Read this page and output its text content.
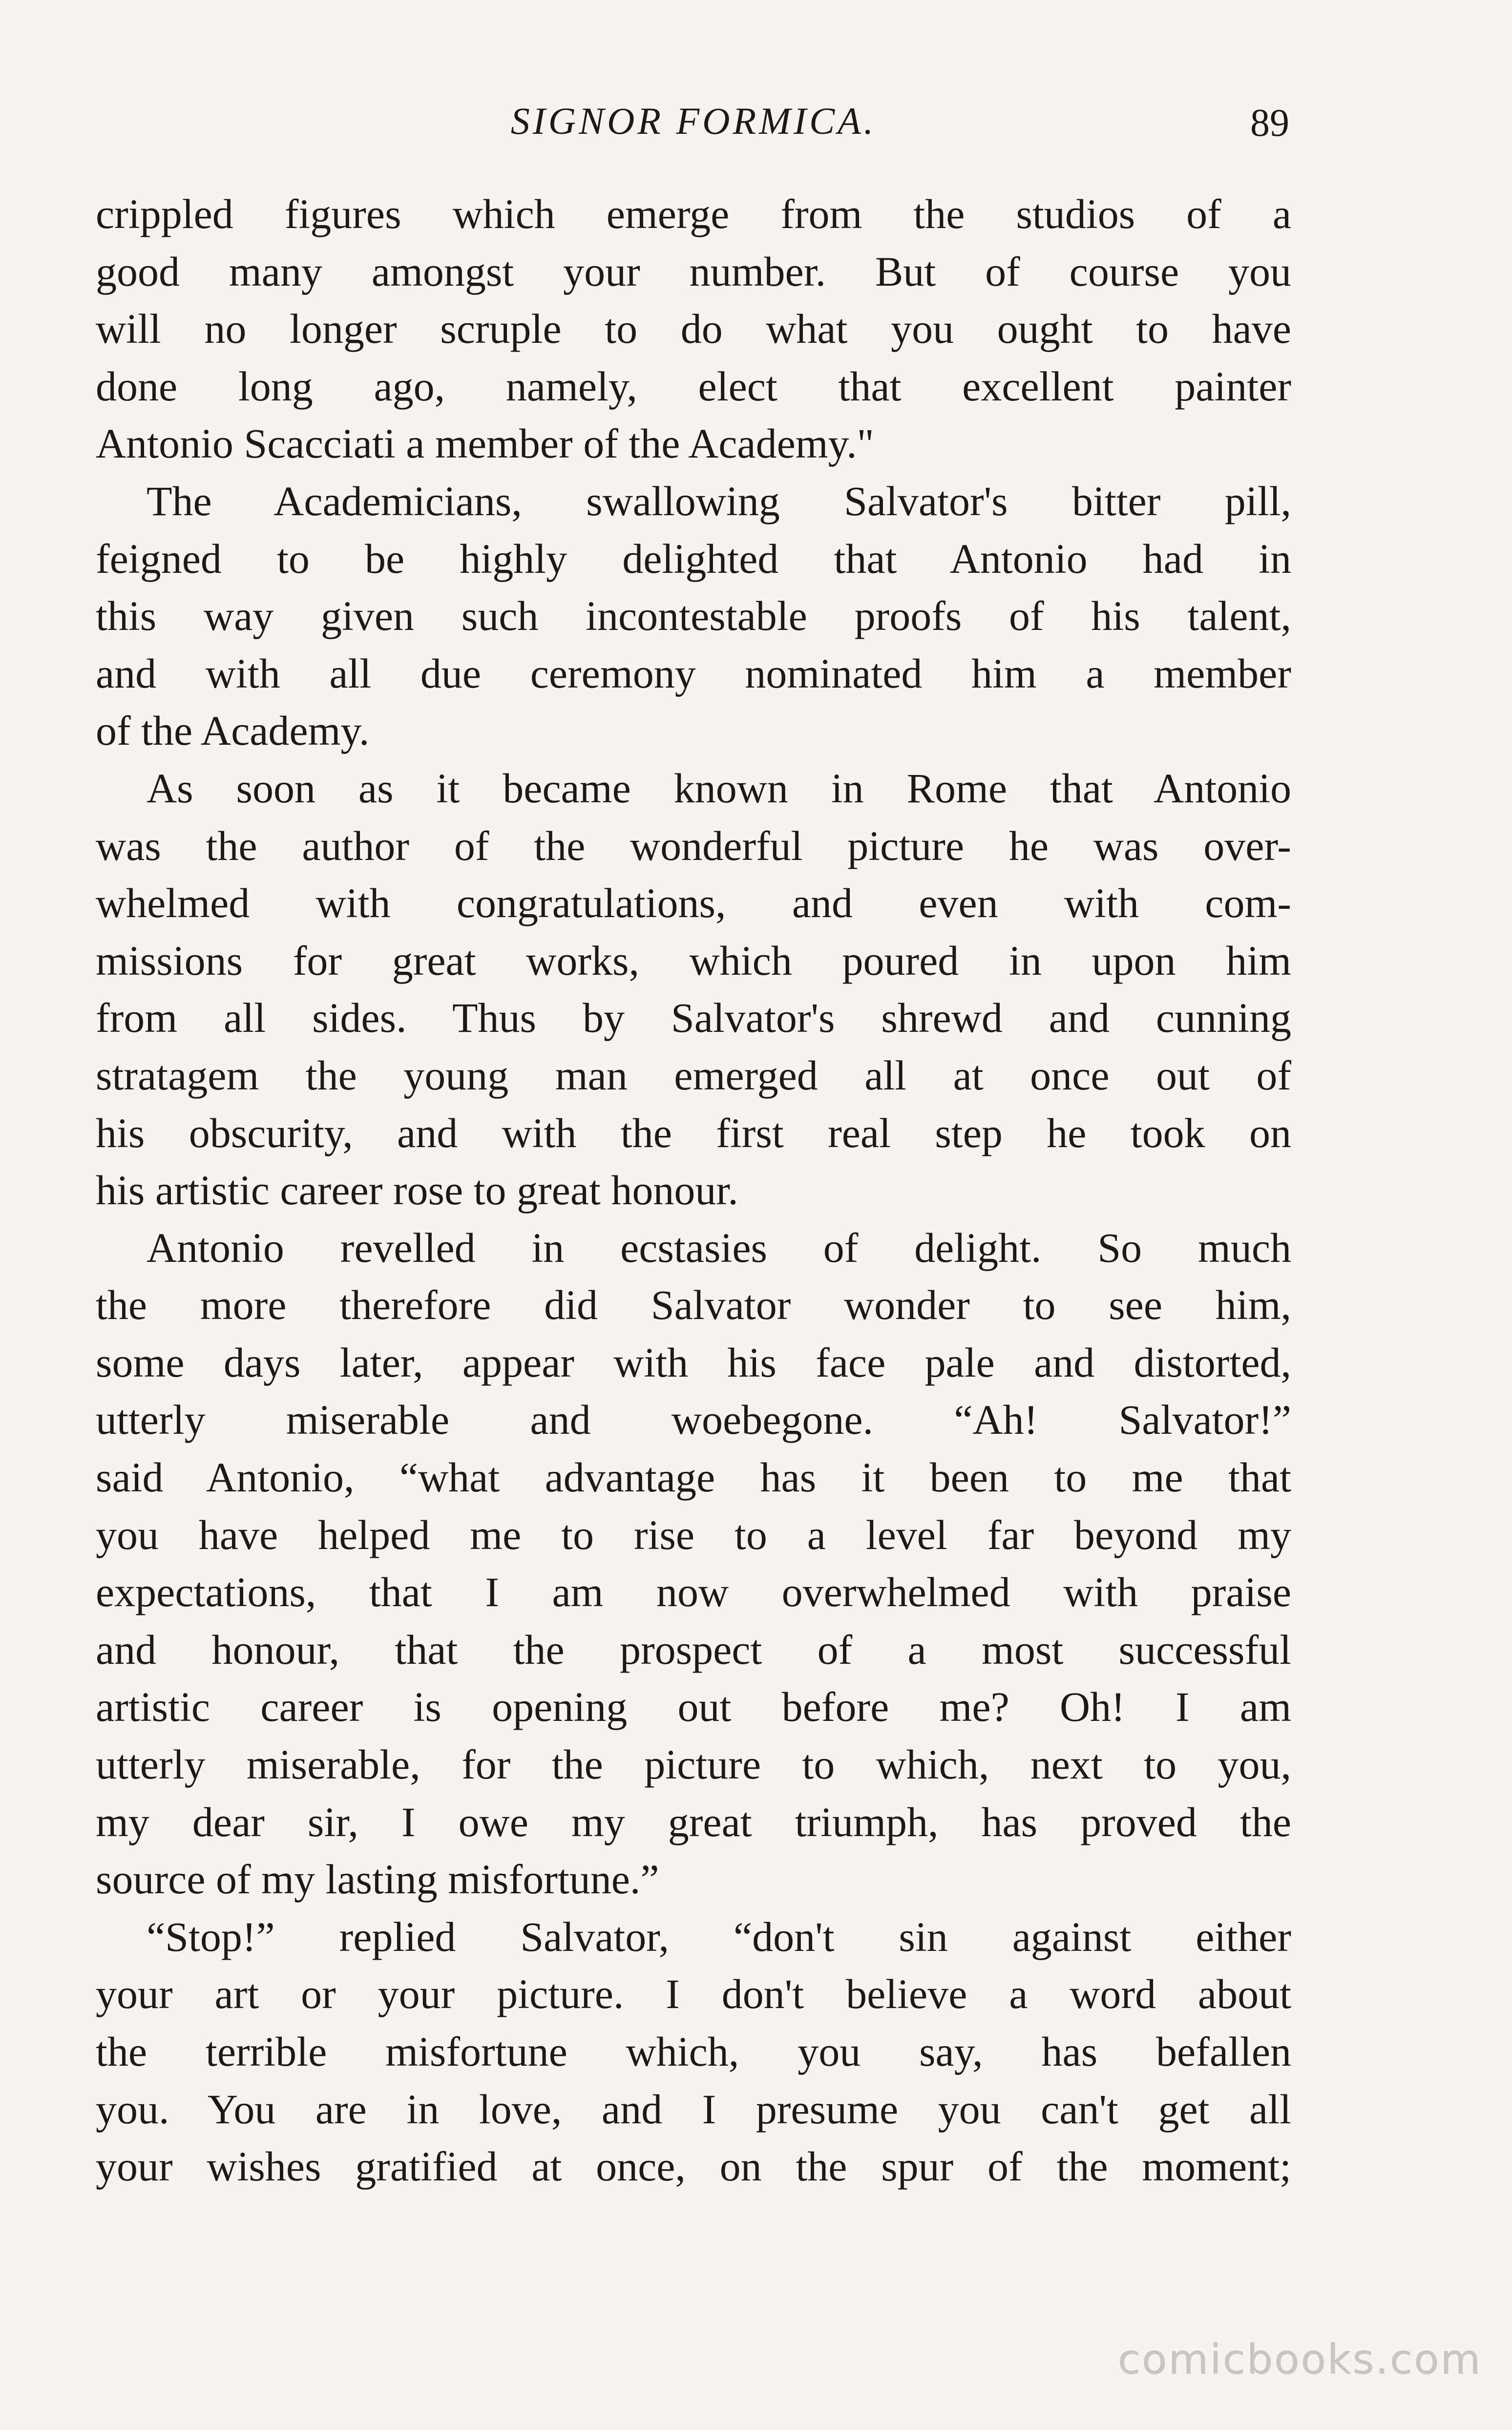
SIGNOR FORMICA.	89
crippled figures which emerge from the studios of a
good many amongst your number. But of course you
will no longer scruple to do what you ought to have
done long ago, namely, elect that excellent painter
Antonio Scacciati a member of the Academy."
The Academicians, swallowing Salvator's bitter pill,
feigned to be highly delighted that Antonio had in
this way given such incontestable proofs of his talent,
and with all due ceremony nominated him a member
of the Academy.
As soon as it became known in Rome that Antonio
was the author of the wonderful picture he was over-
whelmed with congratulations, and even with com-
missions for great works, which poured in upon him
from all sides. Thus by Salvator's shrewd and cunning
stratagem the young man emerged all at once out of
his obscurity, and with the first real step he took on
his artistic career rose to great honour.
Antonio revelled in ecstasies of delight. So much
the more therefore did Salvator wonder to see him,
some days later, appear with his face pale and distorted,
utterly miserable and woebegone. “Ah! Salvator!”
said Antonio, “what advantage has it been to me that
you have helped me to rise to a level far beyond my
expectations, that I am now overwhelmed with praise
and honour, that the prospect of a most successful
artistic career is opening out before me? Oh! I am
utterly miserable, for the picture to which, next to you,
my dear sir, I owe my great triumph, has proved the
source of my lasting misfortune.”
“Stop!” replied Salvator, “don't sin against either
your art or your picture. I don't believe a word about
the terrible misfortune which, you say, has befallen
you. You are in love, and I presume you can't get all
your wishes gratified at once, on the spur of the moment;
comicbooks.com
